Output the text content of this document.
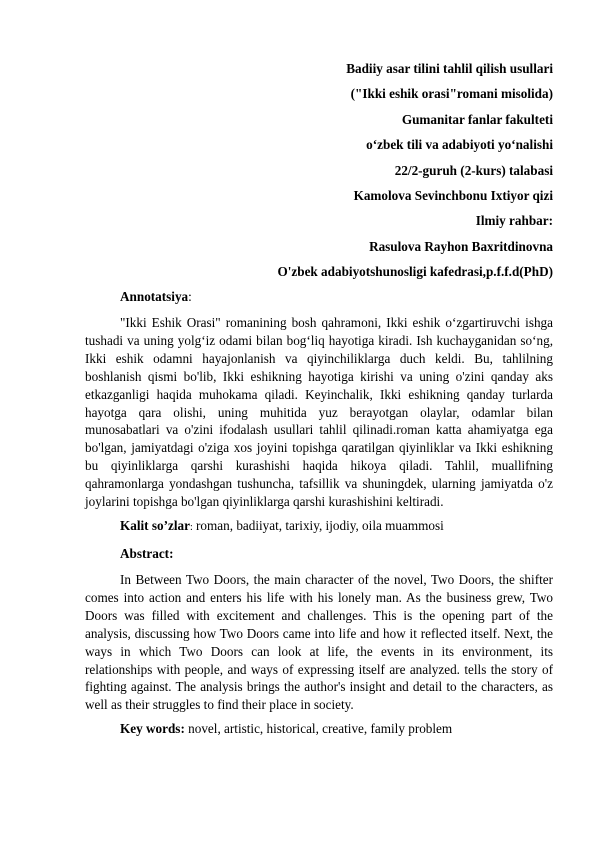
Badiiy asar tilini tahlil qilish usullari
("Ikki eshik orasi"romani misolida)
Gumanitar fanlar fakulteti
o‘zbek tili va adabiyoti yo‘nalishi
22/2-guruh (2-kurs) talabasi
Kamolova Sevinchbonu Ixtiyor qizi
Ilmiy rahbar:
Rasulova Rayhon Baxritdinovna
O'zbek adabiyotshunosligi kafedrasi,p.f.f.d(PhD)

Annotatsiya:

"Ikki Eshik Orasi" romanining bosh qahramoni, Ikki eshik o‘zgartiruvchi ishga tushadi va uning yolg‘iz odami bilan bog‘liq hayotiga kiradi. Ish kuchayganidan so‘ng, Ikki eshik odamni hayajonlanish va qiyinchiliklarga duch keldi. Bu, tahlilning boshlanish qismi bo'lib, Ikki eshikning hayotiga kirishi va uning o'zini qanday aks etkazganligi haqida muhokama qiladi. Keyinchalik, Ikki eshikning qanday turlarda hayotga qara olishi, uning muhitida yuz berayotgan olaylar, odamlar bilan munosabatlari va o'zini ifodalash usullari tahlil qilinadi.roman katta ahamiyatga ega bo'lgan, jamiyatdagi o'ziga xos joyini topishga qaratilgan qiyinliklar va Ikki eshikning bu qiyinliklarga qarshi kurashishi haqida hikoya qiladi. Tahlil, muallifning qahramonlarga yondashgan tushuncha, tafsillik va shuningdek, ularning jamiyatda o'z joylarini topishga bo'lgan qiyinliklarga qarshi kurashishini keltiradi.

Kalit so’zlar: roman, badiiyat, tarixiy, ijodiy, oila muammosi

Abstract:

In Between Two Doors, the main character of the novel, Two Doors, the shifter comes into action and enters his life with his lonely man. As the business grew, Two Doors was filled with excitement and challenges. This is the opening part of the analysis, discussing how Two Doors came into life and how it reflected itself. Next, the ways in which Two Doors can look at life, the events in its environment, its relationships with people, and ways of expressing itself are analyzed. tells the story of fighting against. The analysis brings the author's insight and detail to the characters, as well as their struggles to find their place in society.

Key words: novel, artistic, historical, creative, family problem
